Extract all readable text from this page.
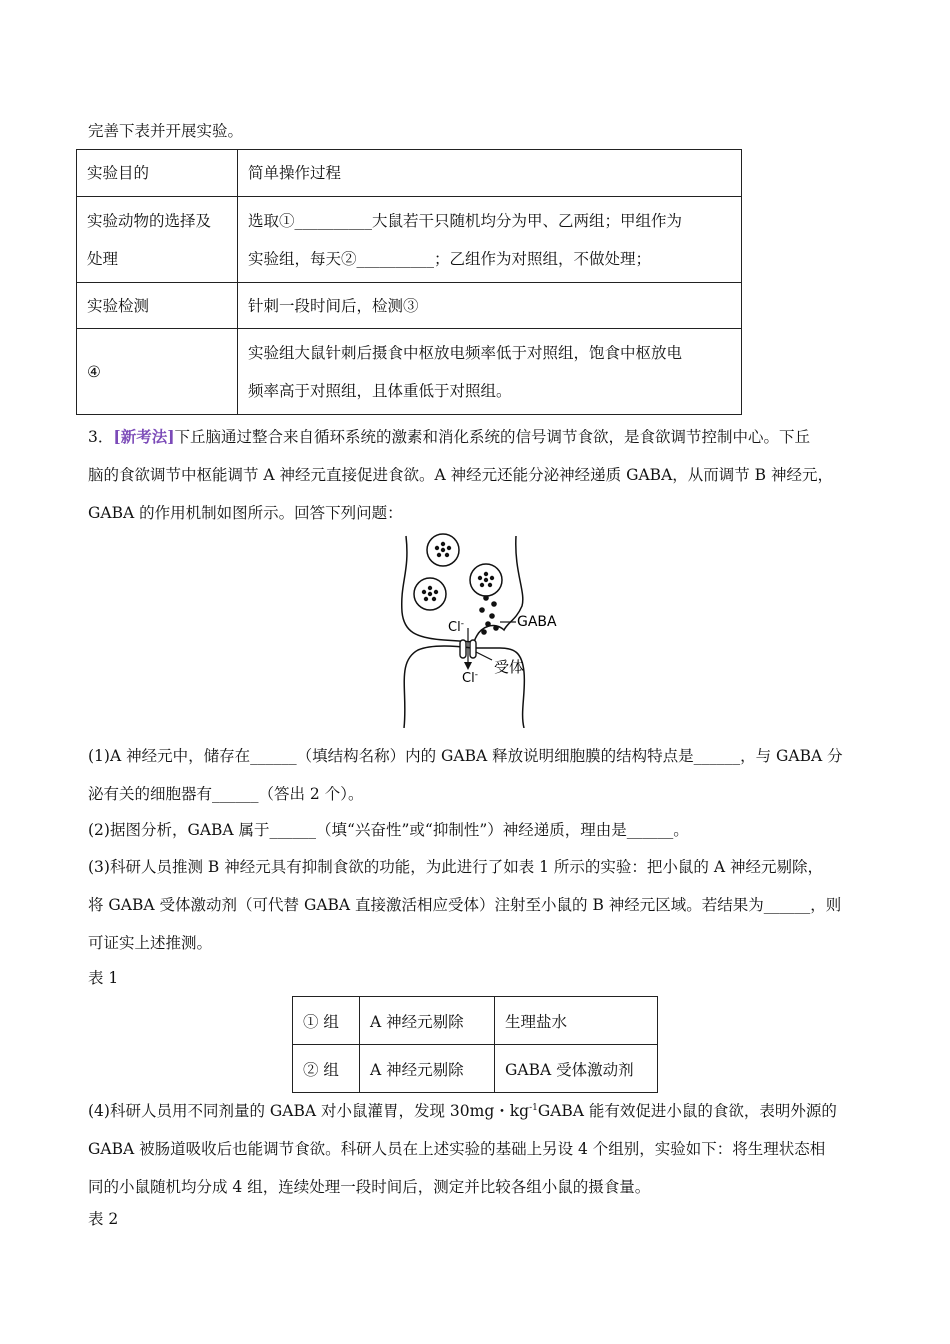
完善下表并开展实验。
实验目的	简单操作过程

实验动物的选择及
处理	选取①__________大鼠若干只随机均分为甲、乙两组；甲组作为
实验组，每天②__________；乙组作为对照组，不做处理；

实验检测	针刺一段时间后，检测③
④	实验组大鼠针刺后摄食中枢放电频率低于对照组，饱食中枢放电
频率高于对照组，且体重低于对照组。
3．[新考法]下丘脑通过整合来自循环系统的激素和消化系统的信号调节食欲，是食欲调节控制中心。下丘
脑的食欲调节中枢能调节 A 神经元直接促进食欲。A 神经元还能分泌神经递质 GABA，从而调节 B 神经元，
GABA 的作用机制如图所示。回答下列问题：
GABA
受体
Cl-
Cl-
(1)A 神经元中，储存在______（填结构名称）内的 GABA 释放说明细胞膜的结构特点是______，与 GABA 分
泌有关的细胞器有______（答出 2 个）。
(2)据图分析，GABA 属于______（填“兴奋性”或“抑制性”）神经递质，理由是______。
(3)科研人员推测 B 神经元具有抑制食欲的功能，为此进行了如表 1 所示的实验：把小鼠的 A 神经元剔除，
将 GABA 受体激动剂（可代替 GABA 直接激活相应受体）注射至小鼠的 B 神经元区域。若结果为______，则
可证实上述推测。
表 1
① 组	A 神经元剔除	生理盐水
② 组	A 神经元剔除	GABA 受体激动剂
(4)科研人员用不同剂量的 GABA 对小鼠灌胃，发现 30mg・$kg^{-1}GABA$ 能有效促进小鼠的食欲，表明外源的
GABA 被肠道吸收后也能调节食欲。科研人员在上述实验的基础上另设 4 个组别，实验如下：将生理状态相
同的小鼠随机均分成 4 组，连续处理一段时间后，测定并比较各组小鼠的摄食量。
表 2
